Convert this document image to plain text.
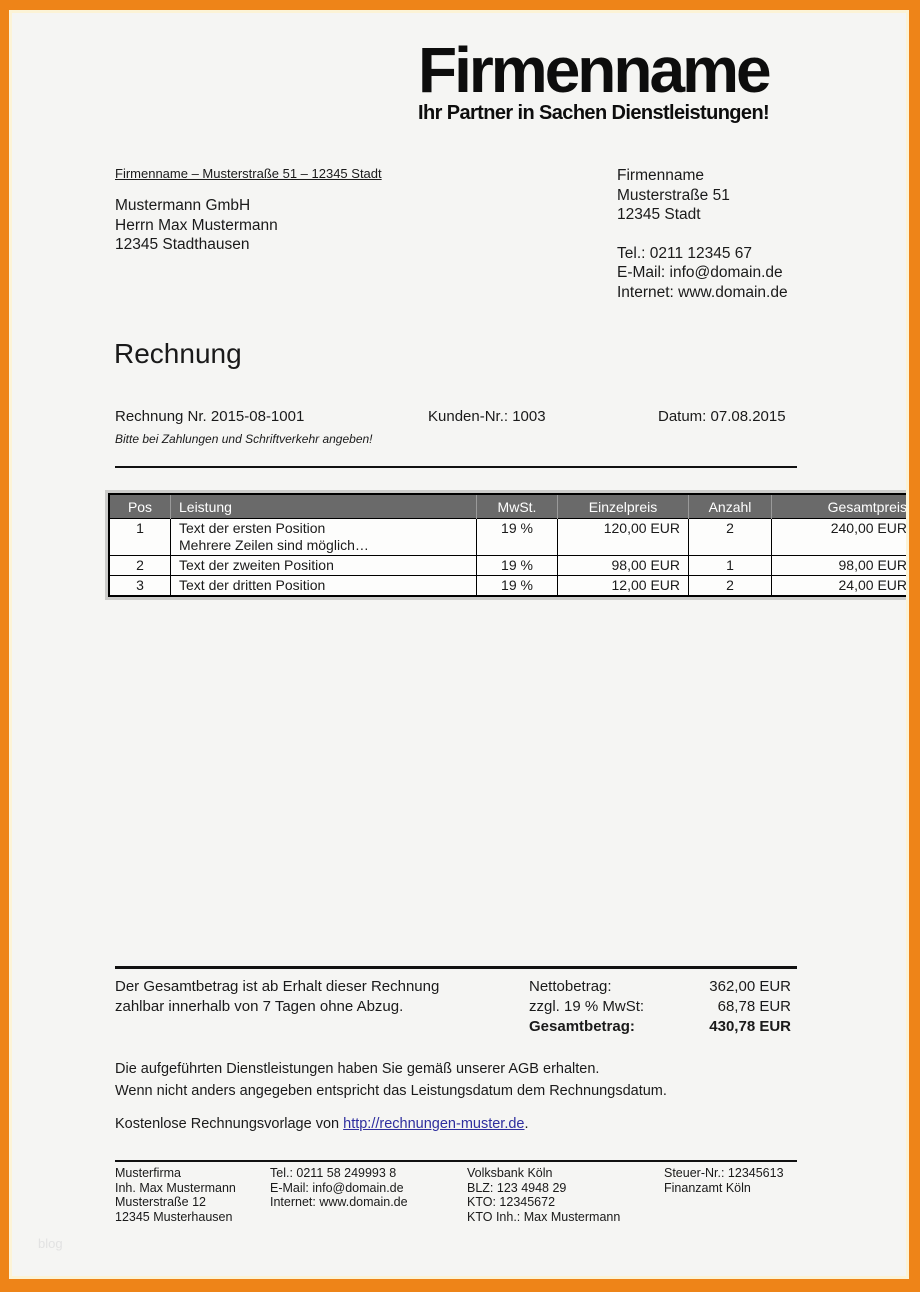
Firmenname
Ihr Partner in Sachen Dienstleistungen!
Firmenname – Musterstraße 51 – 12345 Stadt
Mustermann GmbH
Herrn Max Mustermann
12345 Stadthausen
Firmenname
Musterstraße 51
12345 Stadt
Tel.: 0211 12345 67
E-Mail: info@domain.de
Internet: www.domain.de
Rechnung
Rechnung Nr. 2015-08-1001	Kunden-Nr.: 1003	Datum: 07.08.2015
Bitte bei Zahlungen und Schriftverkehr angeben!
Pos	Leistung	MwSt.	Einzelpreis	Anzahl	Gesamtpreis
1	Text der ersten Position
Mehrere Zeilen sind möglich…	19 %	120,00 EUR	2	240,00 EUR
2	Text der zweiten Position	19 %	98,00 EUR	1	98,00 EUR
3	Text der dritten Position	19 %	12,00 EUR	2	24,00 EUR
Der Gesamtbetrag ist ab Erhalt dieser Rechnung
zahlbar innerhalb von 7 Tagen ohne Abzug.
Nettobetrag:	362,00 EUR
zzgl. 19 % MwSt:	68,78 EUR
Gesamtbetrag:	430,78 EUR
Die aufgeführten Dienstleistungen haben Sie gemäß unserer AGB erhalten.
Wenn nicht anders angegeben entspricht das Leistungsdatum dem Rechnungsdatum.
Kostenlose Rechnungsvorlage von http://rechnungen-muster.de.
Musterfirma
Inh. Max Mustermann
Musterstraße 12
12345 Musterhausen
Tel.: 0211 58 249993 8
E-Mail: info@domain.de
Internet: www.domain.de
Volksbank Köln
BLZ: 123 4948 29
KTO: 12345672
KTO Inh.: Max Mustermann
Steuer-Nr.: 12345613
Finanzamt Köln
blog
